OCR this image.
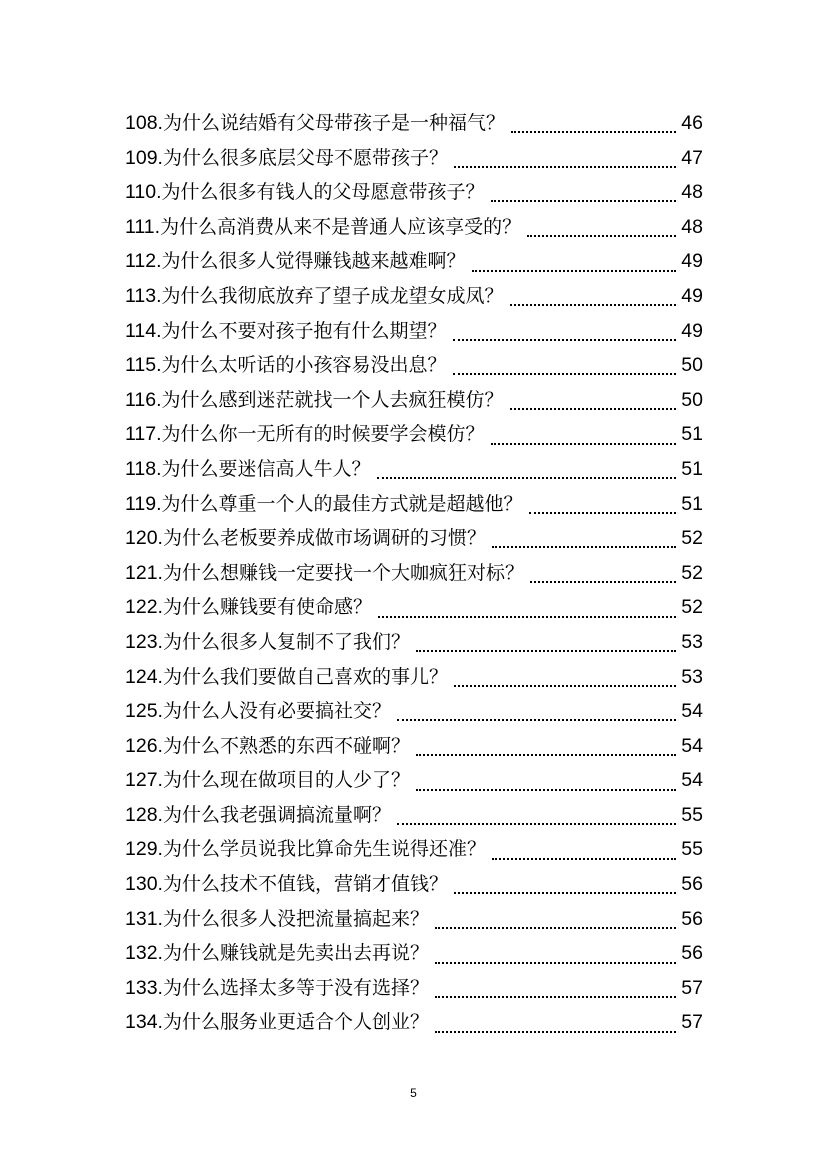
108.为什么说结婚有父母带孩子是一种福气？	46
109.为什么很多底层父母不愿带孩子？	47
110.为什么很多有钱人的父母愿意带孩子？	48
111.为什么高消费从来不是普通人应该享受的？	48
112.为什么很多人觉得赚钱越来越难啊？	49
113.为什么我彻底放弃了望子成龙望女成凤？	49
114.为什么不要对孩子抱有什么期望？	49
115.为什么太听话的小孩容易没出息？	50
116.为什么感到迷茫就找一个人去疯狂模仿？	50
117.为什么你一无所有的时候要学会模仿？	51
118.为什么要迷信高人牛人？	51
119.为什么尊重一个人的最佳方式就是超越他？	51
120.为什么老板要养成做市场调研的习惯？	52
121.为什么想赚钱一定要找一个大咖疯狂对标？	52
122.为什么赚钱要有使命感？	52
123.为什么很多人复制不了我们？	53
124.为什么我们要做自己喜欢的事儿？	53
125.为什么人没有必要搞社交？	54
126.为什么不熟悉的东西不碰啊？	54
127.为什么现在做项目的人少了？	54
128.为什么我老强调搞流量啊？	55
129.为什么学员说我比算命先生说得还准？	55
130.为什么技术不值钱，营销才值钱？	56
131.为什么很多人没把流量搞起来？	56
132.为什么赚钱就是先卖出去再说？	56
133.为什么选择太多等于没有选择？	57
134.为什么服务业更适合个人创业？	57
5
